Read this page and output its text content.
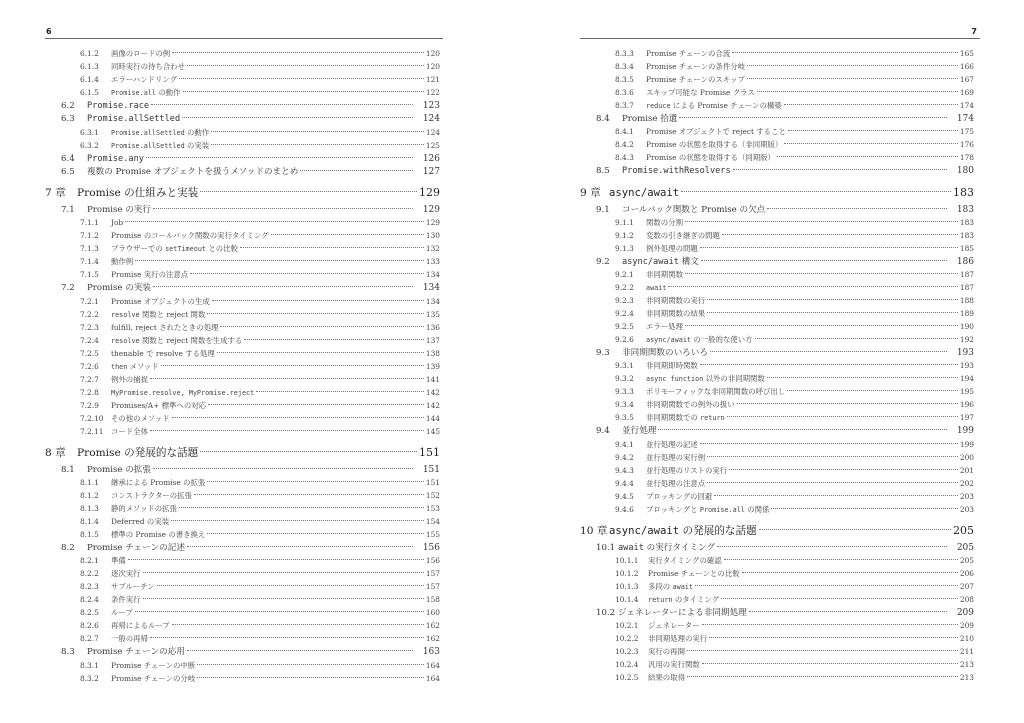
6
6.1.2	画像のロードの例	120
6.1.3	同時実行の待ち合わせ	120
6.1.4	エラーハンドリング	121
6.1.5	Promise.all の動作	122
6.2	Promise.race	123
6.3	Promise.allSettled	124
6.3.1	Promise.allSettled の動作	124
6.3.2	Promise.allSettled の実装	125
6.4	Promise.any	126
6.5	複数の Promise オブジェクトを扱うメソッドのまとめ	127
7 章	Promise の仕組みと実装	129
7.1	Promise の実行	129
7.1.1	Job	129
7.1.2	Promise のコールバック関数の実行タイミング	130
7.1.3	ブラウザーでの setTimeout との比較	132
7.1.4	動作例	133
7.1.5	Promise 実行の注意点	134
7.2	Promise の実装	134
7.2.1	Promise オブジェクトの生成	134
7.2.2	resolve 関数と reject 関数	135
7.2.3	fulfill, reject されたときの処理	136
7.2.4	resolve 関数と reject 関数を生成する	137
7.2.5	thenable で resolve する処理	138
7.2.6	then メソッド	139
7.2.7	例外の捕捉	141
7.2.8	MyPromise.resolve, MyPromise.reject	142
7.2.9	Promises/A+ 標準への対応	142
7.2.10	その他のメソッド	144
7.2.11	コード全体	145
8 章	Promise の発展的な話題	151
8.1	Promise の拡張	151
8.1.1	継承による Promise の拡張	151
8.1.2	コンストラクターの拡張	152
8.1.3	静的メソッドの拡張	153
8.1.4	Deferred の実装	154
8.1.5	標準の Promise の書き換え	155
8.2	Promise チェーンの記述	156
8.2.1	準備	156
8.2.2	逐次実行	157
8.2.3	サブルーチン	157
8.2.4	条件実行	158
8.2.5	ループ	160
8.2.6	再帰によるループ	162
8.2.7	一般の再帰	162
8.3	Promise チェーンの応用	163
8.3.1	Promise チェーンの中断	164
8.3.2	Promise チェーンの分岐	164
7
8.3.3	Promise チェーンの合流	165
8.3.4	Promise チェーンの条件分岐	166
8.3.5	Promise チェーンのスキップ	167
8.3.6	スキップ可能な Promise クラス	169
8.3.7	reduce による Promise チェーンの構築	174
8.4	Promise 拾遺	174
8.4.1	Promise オブジェクトで reject すること	175
8.4.2	Promise の状態を取得する（非同期版）	176
8.4.3	Promise の状態を取得する（同期版）	178
8.5	Promise.withResolvers	180
9 章 async/await	183
9.1	コールバック関数と Promise の欠点	183
9.1.1	関数の分割	183
9.1.2	変数の引き継ぎの問題	183
9.1.3	例外処理の問題	185
9.2	async/await 構文	186
9.2.1	非同期関数	187
9.2.2	await	187
9.2.3	非同期関数の実行	188
9.2.4	非同期関数の結果	189
9.2.5	エラー処理	190
9.2.6	async/await の一般的な使い方	192
9.3	非同期関数のいろいろ	193
9.3.1	非同期即時関数	193
9.3.2	async function 以外の非同期関数	194
9.3.3	ポリモーフィックな非同期関数の呼び出し	195
9.3.4	非同期関数での例外の扱い	196
9.3.5	非同期関数での return	197
9.4	並行処理	199
9.4.1	並行処理の記述	199
9.4.2	並行処理の実行例	200
9.4.3	並行処理のリストの実行	201
9.4.4	並行処理の注意点	202
9.4.5	ブロッキングの回避	203
9.4.6	ブロッキングと Promise.all の関係	203
10 章 async/await の発展的な話題	205
10.1 await の実行タイミング	205
10.1.1	実行タイミングの確認	205
10.1.2	Promise チェーンとの比較	206
10.1.3	多段の await	207
10.1.4	return のタイミング	208
10.2 ジェネレーターによる非同期処理	209
10.2.1	ジェネレーター	209
10.2.2	非同期処理の実行	210
10.2.3	実行の再開	211
10.2.4	汎用の実行関数	213
10.2.5	結果の取得	213
